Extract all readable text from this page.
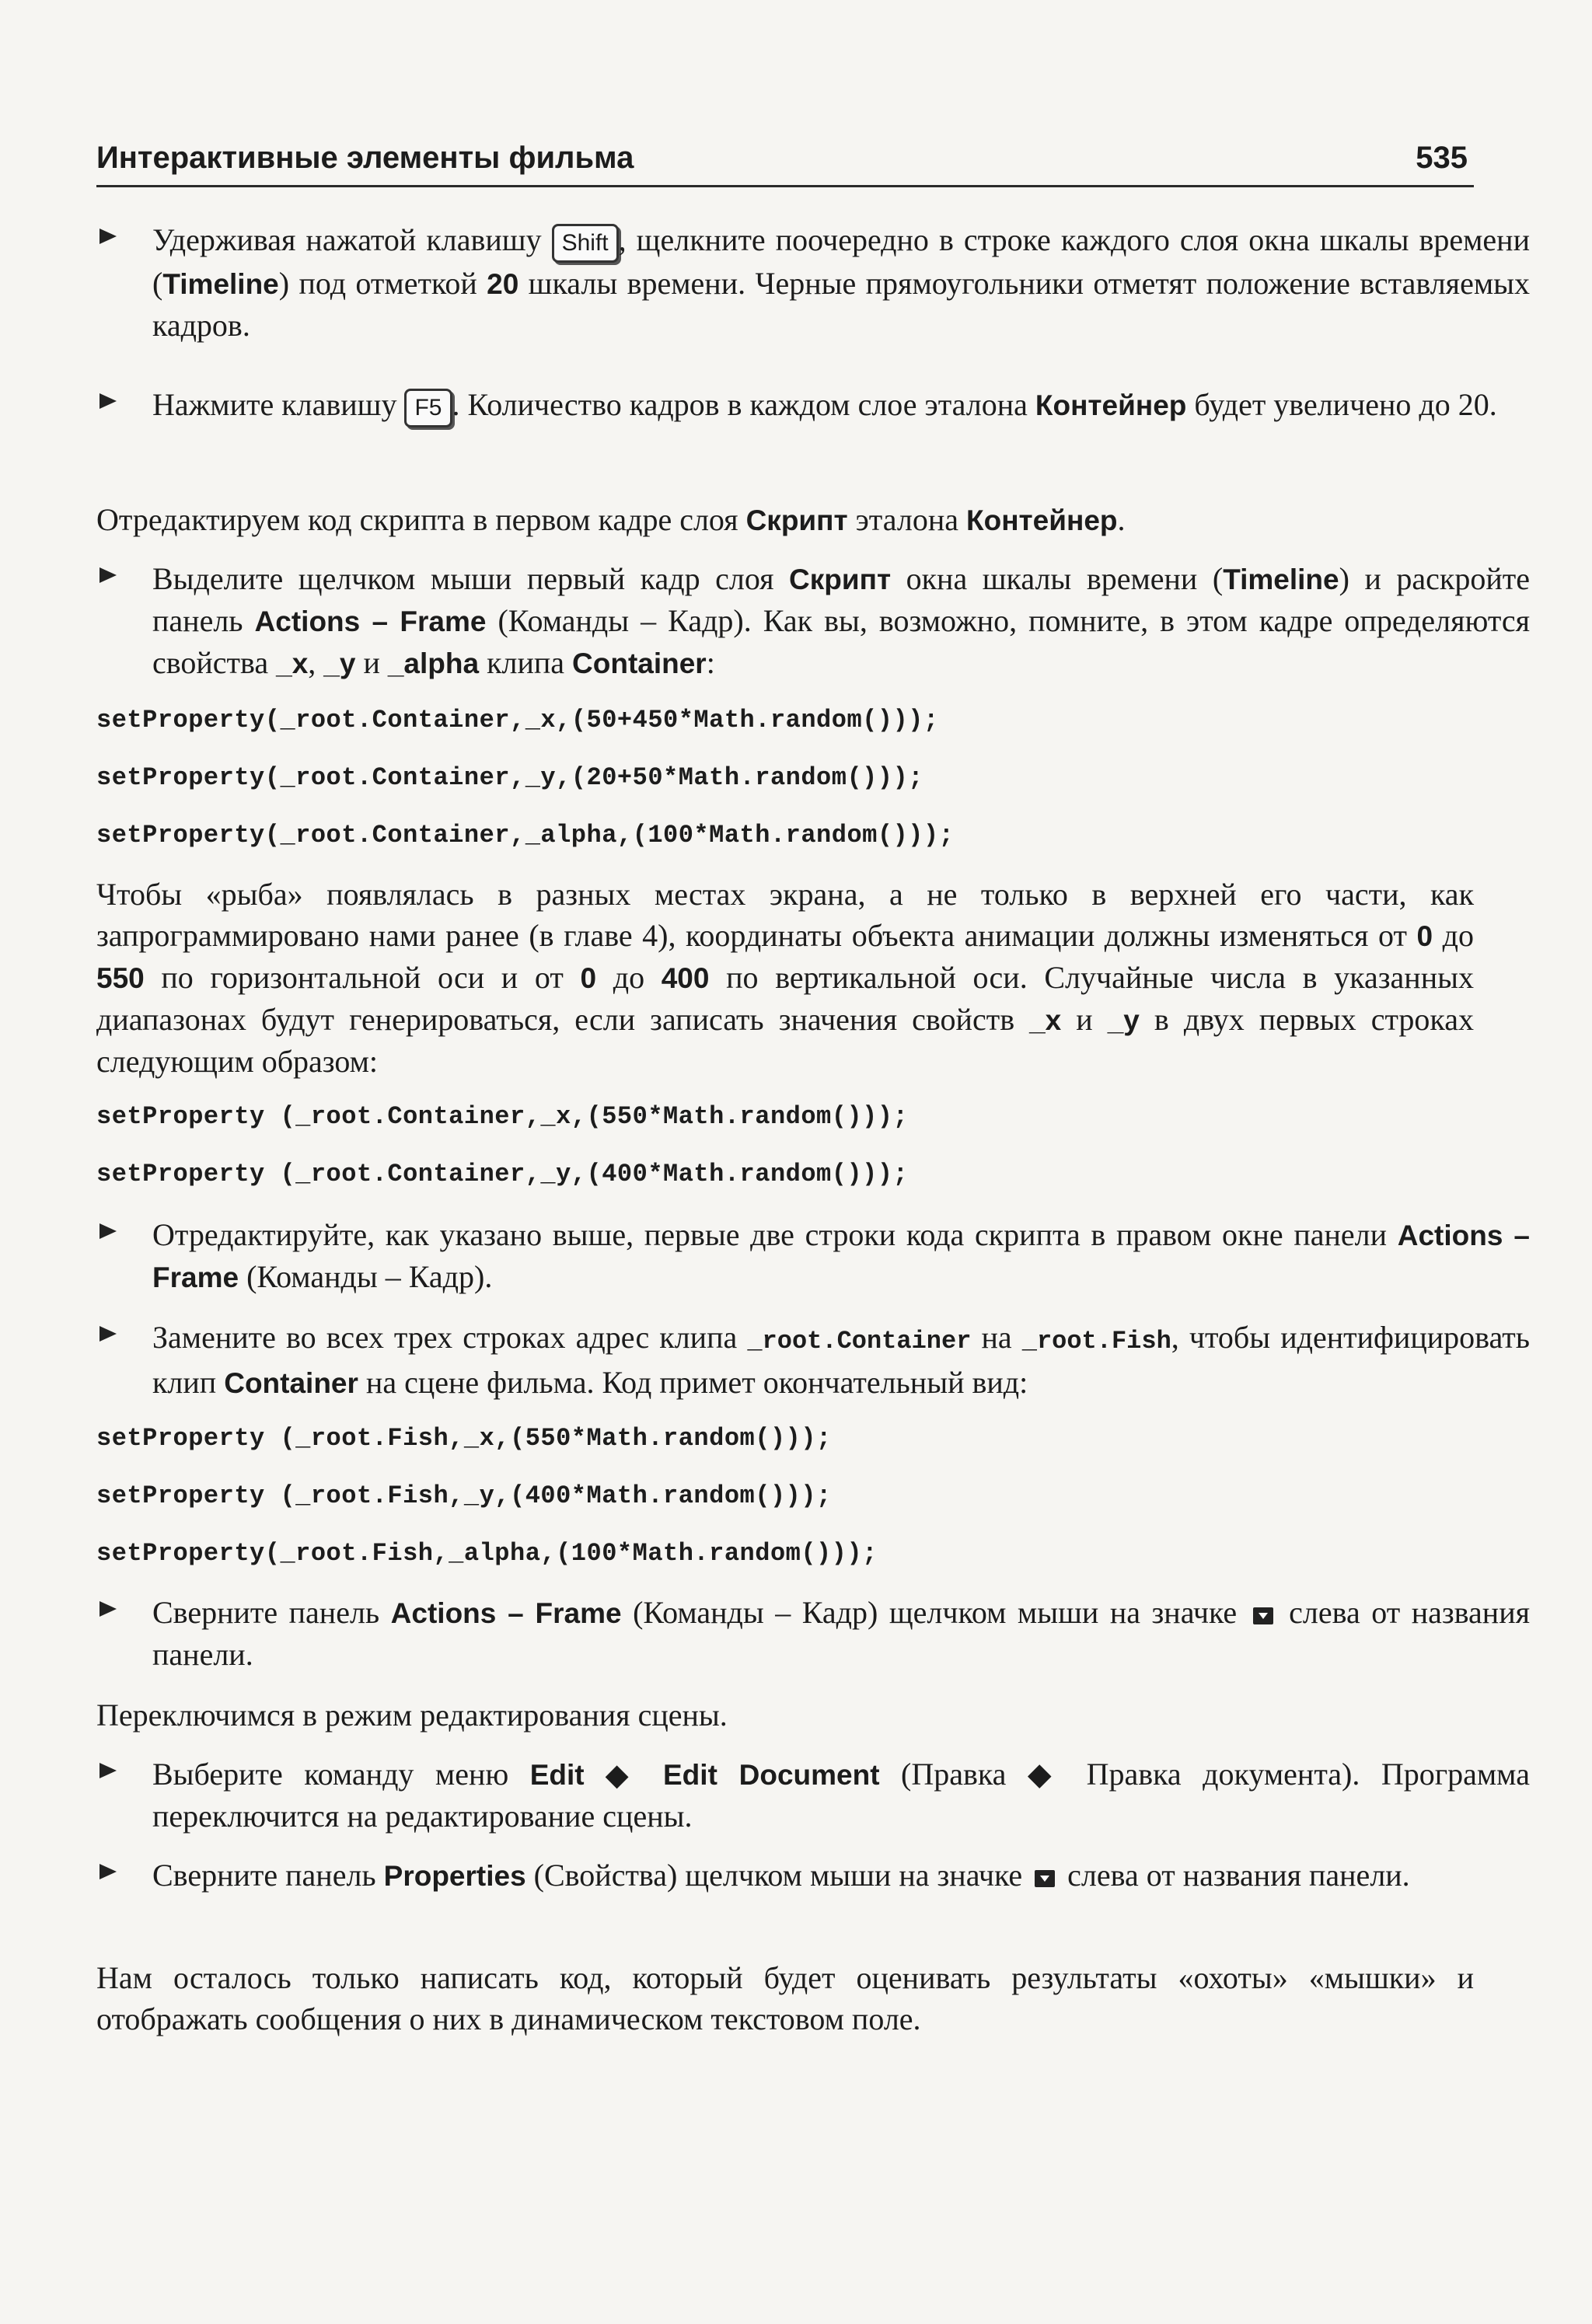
Интерактивные элементы фильма	535
Удерживая нажатой клавишу Shift , щелкните поочередно в строке каждого слоя окна шкалы времени (Timeline) под отметкой 20 шкалы времени. Черные прямоугольники отметят положение вставляемых кадров.
Нажмите клавишу F5 . Количество кадров в каждом слое эталона Контейнер будет увеличено до 20.
Отредактируем код скрипта в первом кадре слоя Скрипт эталона Контейнер.
Выделите щелчком мыши первый кадр слоя Скрипт окна шкалы времени (Timeline) и раскройте панель Actions – Frame (Команды – Кадр). Как вы, возможно, помните, в этом кадре определяются свойства _x, _y и _alpha клипа Container:
setProperty(_root.Container,_x,(50+450*Math.random()));
setProperty(_root.Container,_y,(20+50*Math.random()));
setProperty(_root.Container,_alpha,(100*Math.random()));
Чтобы «рыба» появлялась в разных местах экрана, а не только в верхней его части, как запрограммировано нами ранее (в главе 4), координаты объекта анимации должны изменяться от 0 до 550 по горизонтальной оси и от 0 до 400 по вертикальной оси. Случайные числа в указанных диапазонах будут генерироваться, если записать значения свойств _x и _y в двух первых строках следующим образом:
setProperty (_root.Container,_x,(550*Math.random()));
setProperty (_root.Container,_y,(400*Math.random()));
Отредактируйте, как указано выше, первые две строки кода скрипта в правом окне панели Actions – Frame (Команды – Кадр).
Замените во всех трех строках адрес клипа _root.Container на _root.Fish, чтобы идентифицировать клип Container на сцене фильма. Код примет окончательный вид:
setProperty (_root.Fish,_x,(550*Math.random()));
setProperty (_root.Fish,_y,(400*Math.random()));
setProperty(_root.Fish,_alpha,(100*Math.random()));
Сверните панель Actions – Frame (Команды – Кадр) щелчком мыши на значке  слева от названия панели.
Переключимся в режим редактирования сцены.
Выберите команду меню Edit ◆ Edit Document (Правка ◆ Правка документа). Программа переключится на редактирование сцены.
Сверните панель Properties (Свойства) щелчком мыши на значке  слева от названия панели.
Нам осталось только написать код, который будет оценивать результаты «охоты» «мышки» и отображать сообщения о них в динамическом текстовом поле.
